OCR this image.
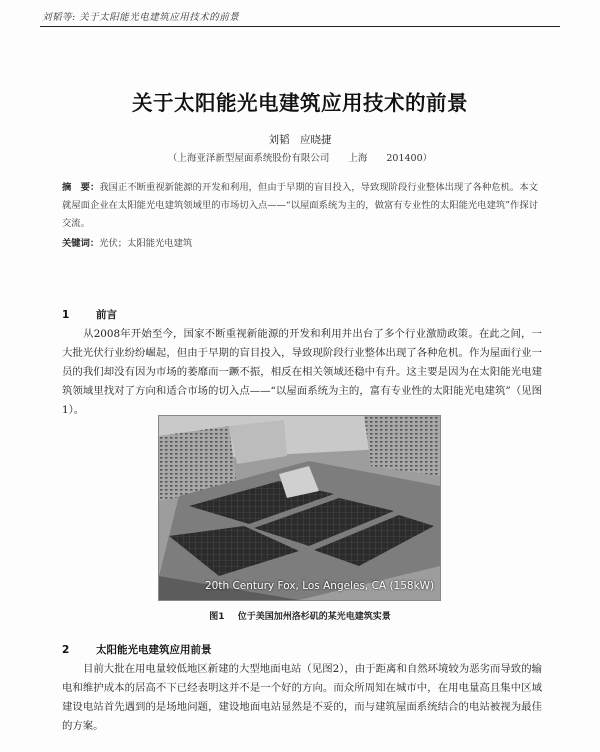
刘韬等: 关于太阳能光电建筑应用技术的前景
关于太阳能光电建筑应用技术的前景
刘韬　应晓捷
（上海亚泽新型屋面系统股份有限公司　　上海　　201400）
摘　要：我国正不断重视新能源的开发和利用，但由于早期的盲目投入，导致现阶段行业整体出现了各种危机。本文就屋面企业在太阳能光电建筑领域里的市场切入点——“以屋面系统为主的，做富有专业性的太阳能光电建筑”作探讨交流。
关键词：光伏；太阳能光电建筑
1	前言
从2008年开始至今，国家不断重视新能源的开发和利用并出台了多个行业激励政策。在此之间，一大批光伏行业纷纷崛起，但由于早期的盲目投入，导致现阶段行业整体出现了各种危机。作为屋面行业一员的我们却没有因为市场的萎靡而一蹶不振，相反在相关领域还稳中有升。这主要是因为在太阳能光电建筑领域里找对了方向和适合市场的切入点——“以屋面系统为主的，富有专业性的太阳能光电建筑”（见图1）。
20th Century Fox, Los Angeles, CA (158kW)
图1 位于美国加州洛杉矶的某光电建筑实景
2	太阳能光电建筑应用前景
目前大批在用电量较低地区新建的大型地面电站（见图2），由于距离和自然环境较为恶劣而导致的输电和维护成本的居高不下已经表明这并不是一个好的方向。而众所周知在城市中，在用电量高且集中区域建设电站首先遇到的是场地问题，建设地面电站显然是不妥的，而与建筑屋面系统结合的电站被视为最佳的方案。
